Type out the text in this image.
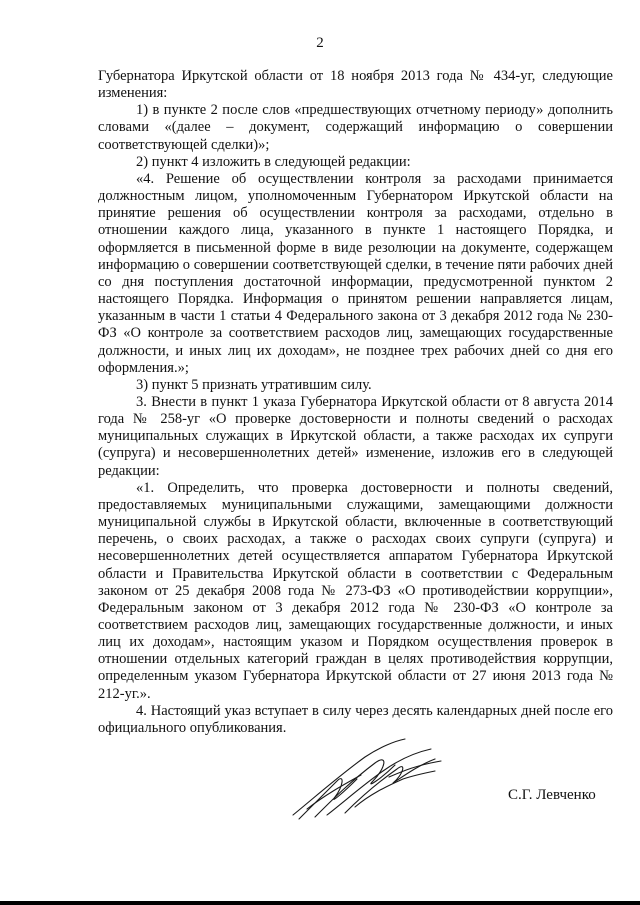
2

Губернатора Иркутской области от 18 ноября 2013 года № 434-уг, следующие изменения:

1) в пункте 2 после слов «предшествующих отчетному периоду» дополнить словами «(далее – документ, содержащий информацию о совершении соответствующей сделки)»;

2) пункт 4 изложить в следующей редакции:

«4. Решение об осуществлении контроля за расходами принимается должностным лицом, уполномоченным Губернатором Иркутской области на принятие решения об осуществлении контроля за расходами, отдельно в отношении каждого лица, указанного в пункте 1 настоящего Порядка, и оформляется в письменной форме в виде резолюции на документе, содержащем информацию о совершении соответствующей сделки, в течение пяти рабочих дней со дня поступления достаточной информации, предусмотренной пунктом 2 настоящего Порядка. Информация о принятом решении направляется лицам, указанным в части 1 статьи 4 Федерального закона от 3 декабря 2012 года № 230-ФЗ «О контроле за соответствием расходов лиц, замещающих государственные должности, и иных лиц их доходам», не позднее трех рабочих дней со дня его оформления.»;

3) пункт 5 признать утратившим силу.

3. Внести в пункт 1 указа Губернатора Иркутской области от 8 августа 2014 года № 258-уг «О проверке достоверности и полноты сведений о расходах муниципальных служащих в Иркутской области, а также расходах их супруги (супруга) и несовершеннолетних детей» изменение, изложив его в следующей редакции:

«1. Определить, что проверка достоверности и полноты сведений, предоставляемых муниципальными служащими, замещающими должности муниципальной службы в Иркутской области, включенные в соответствующий перечень, о своих расходах, а также о расходах своих супруги (супруга) и несовершеннолетних детей осуществляется аппаратом Губернатора Иркутской области и Правительства Иркутской области в соответствии с Федеральным законом от 25 декабря 2008 года № 273-ФЗ «О противодействии коррупции», Федеральным законом от 3 декабря 2012 года № 230-ФЗ «О контроле за соответствием расходов лиц, замещающих государственные должности, и иных лиц их доходам», настоящим указом и Порядком осуществления проверок в отношении отдельных категорий граждан в целях противодействия коррупции, определенным указом Губернатора Иркутской области от 27 июня 2013 года № 212-уг.».

4. Настоящий указ вступает в силу через десять календарных дней после его официального опубликования.

С.Г. Левченко
